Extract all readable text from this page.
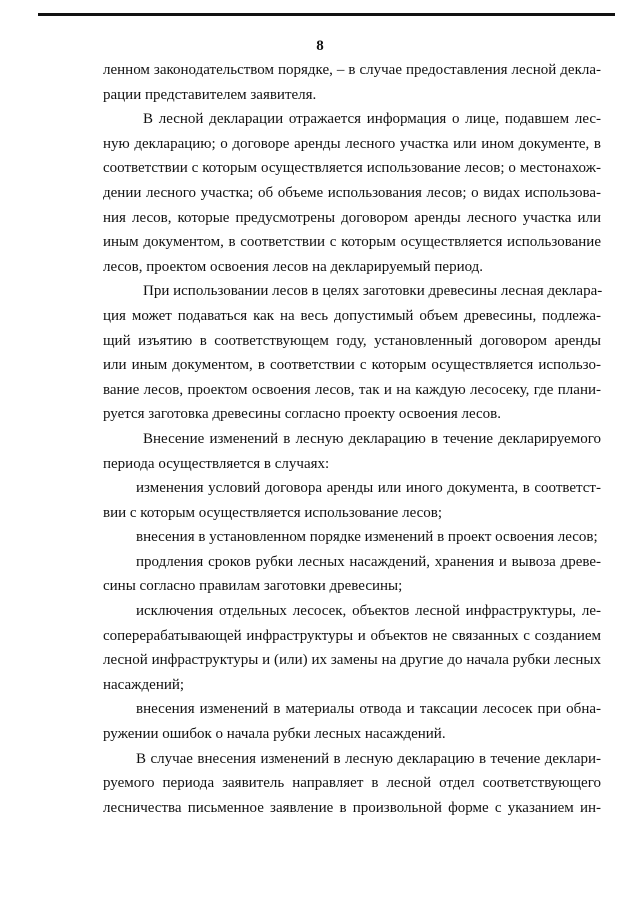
8
ленном законодательством порядке, – в случае предоставления лесной декла-
рации представителем заявителя.
В лесной декларации отражается информация о лице, подавшем лес-
ную декларацию; о договоре аренды лесного участка или ином документе, в
соответствии с которым осуществляется использование лесов; о местонахож-
дении лесного участка; об объеме использования лесов; о видах использова-
ния лесов, которые предусмотрены договором аренды лесного участка или
иным документом, в соответствии с которым осуществляется использование
лесов, проектом освоения лесов на декларируемый период.
При использовании лесов в целях заготовки древесины лесная деклара-
ция может подаваться как на весь допустимый объем древесины, подлежа-
щий изъятию в соответствующем году, установленный договором аренды
или иным документом, в соответствии с которым осуществляется использо-
вание лесов, проектом освоения лесов, так и на каждую лесосеку, где плани-
руется заготовка древесины согласно проекту освоения лесов.
Внесение изменений в лесную декларацию в течение декларируемого
периода осуществляется в случаях:
изменения условий договора аренды или иного документа, в соответст-
вии с которым осуществляется использование лесов;
внесения в установленном порядке изменений в проект освоения лесов;
продления сроков рубки лесных насаждений, хранения и вывоза древе-
сины согласно правилам заготовки древесины;
исключения отдельных лесосек, объектов лесной инфраструктуры, ле-
соперерабатывающей инфраструктуры и объектов не связанных с созданием
лесной инфраструктуры и (или) их замены на другие до начала рубки лесных
насаждений;
внесения изменений в материалы отвода и таксации лесосек при обна-
ружении ошибок о начала рубки лесных насаждений.
В случае внесения изменений в лесную декларацию в течение деклари-
руемого периода заявитель направляет в лесной отдел соответствующего
лесничества письменное заявление в произвольной форме с указанием ин-
